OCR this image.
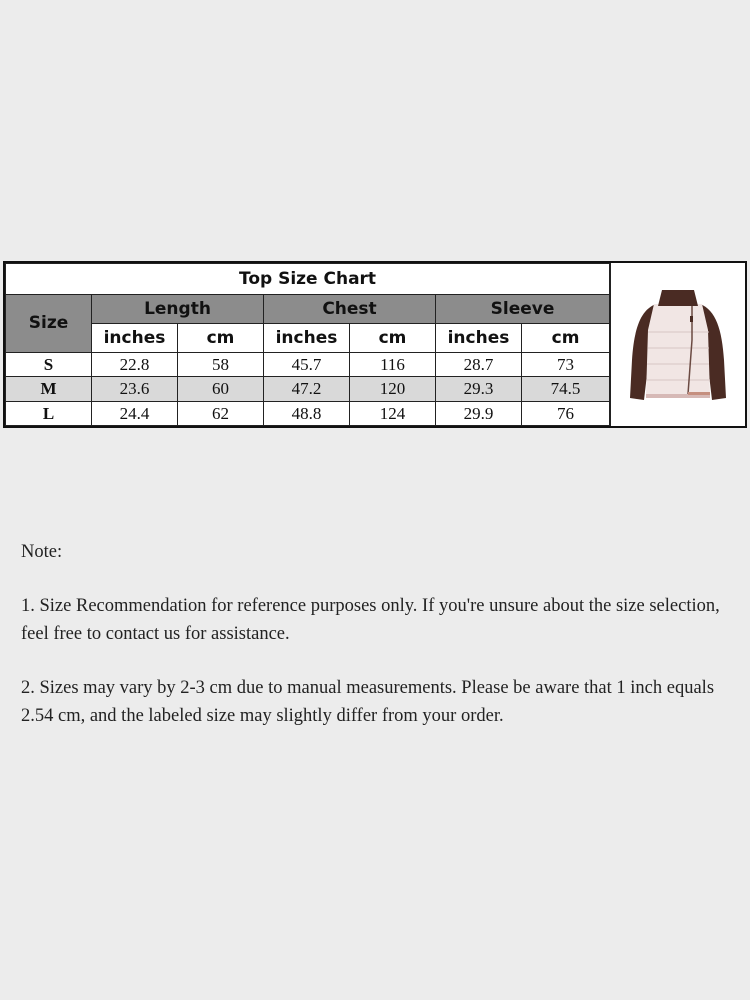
Top Size Chart						
Size	Length		Chest		Sleeve	
	inches	cm	inches	cm	inches	cm
S	22.8	58	45.7	116	28.7	73
M	23.6	60	47.2	120	29.3	74.5
L	24.4	62	48.8	124	29.9	76

Note:

1. Size Recommendation for reference purposes only. If you're unsure about the size selection, feel free to contact us for assistance.

2. Sizes may vary by 2-3 cm due to manual measurements. Please be aware that 1 inch equals 2.54 cm, and the labeled size may slightly differ from your order.
